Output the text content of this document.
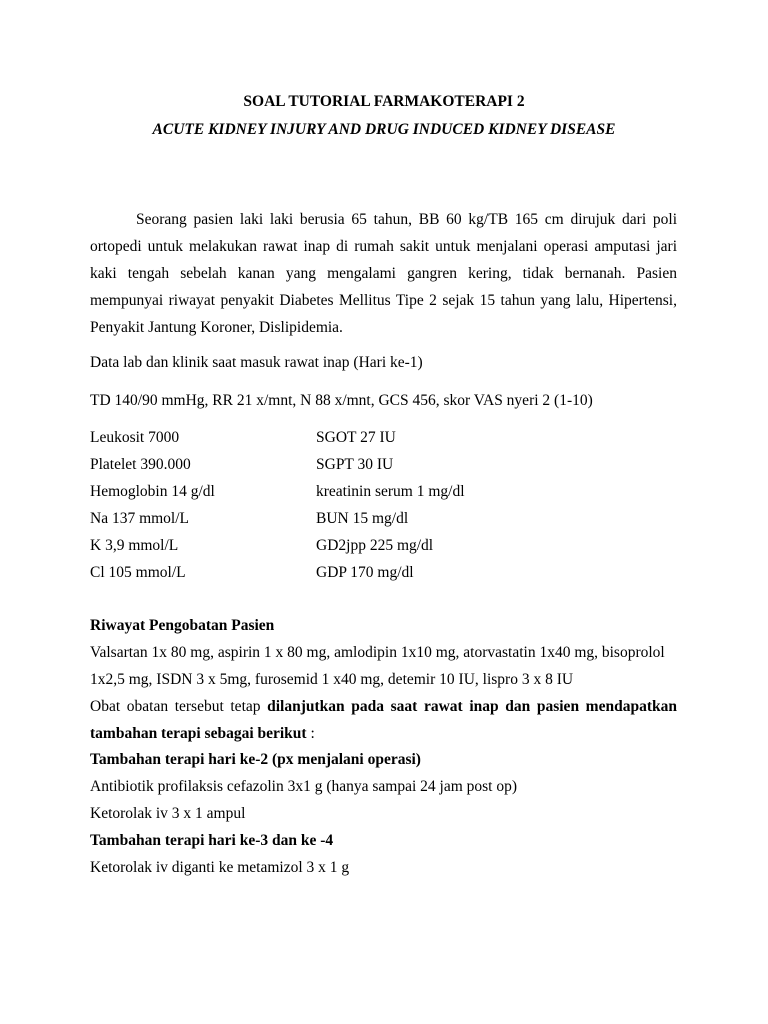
SOAL TUTORIAL FARMAKOTERAPI 2
ACUTE KIDNEY INJURY AND DRUG INDUCED KIDNEY DISEASE
Seorang pasien laki laki berusia 65 tahun, BB 60 kg/TB 165 cm dirujuk dari poli ortopedi untuk melakukan rawat inap di rumah sakit untuk menjalani operasi amputasi jari kaki tengah sebelah kanan yang mengalami gangren kering, tidak bernanah. Pasien mempunyai riwayat penyakit Diabetes Mellitus Tipe 2 sejak 15 tahun yang lalu, Hipertensi, Penyakit Jantung Koroner, Dislipidemia.
Data lab dan klinik saat masuk rawat inap (Hari ke-1)
TD 140/90 mmHg, RR 21 x/mnt, N 88 x/mnt, GCS 456, skor VAS nyeri 2 (1-10)
Leukosit 7000	SGOT 27 IU
Platelet 390.000	SGPT 30 IU
Hemoglobin 14 g/dl	kreatinin serum 1 mg/dl
Na 137 mmol/L	BUN 15 mg/dl
K 3,9 mmol/L	GD2jpp 225 mg/dl
Cl 105 mmol/L	GDP 170 mg/dl
Riwayat Pengobatan Pasien
Valsartan 1x 80 mg, aspirin 1 x 80 mg, amlodipin 1x10 mg, atorvastatin 1x40 mg, bisoprolol
1x2,5 mg, ISDN 3 x 5mg, furosemid 1 x40 mg, detemir 10 IU, lispro 3 x 8 IU
Obat obatan tersebut tetap dilanjutkan pada saat rawat inap dan pasien mendapatkan tambahan terapi sebagai berikut :
Tambahan terapi hari ke-2 (px menjalani operasi)
Antibiotik profilaksis cefazolin 3x1 g (hanya sampai 24 jam post op)
Ketorolak iv 3 x 1 ampul
Tambahan terapi hari ke-3 dan ke -4
Ketorolak iv diganti ke metamizol 3 x 1 g
